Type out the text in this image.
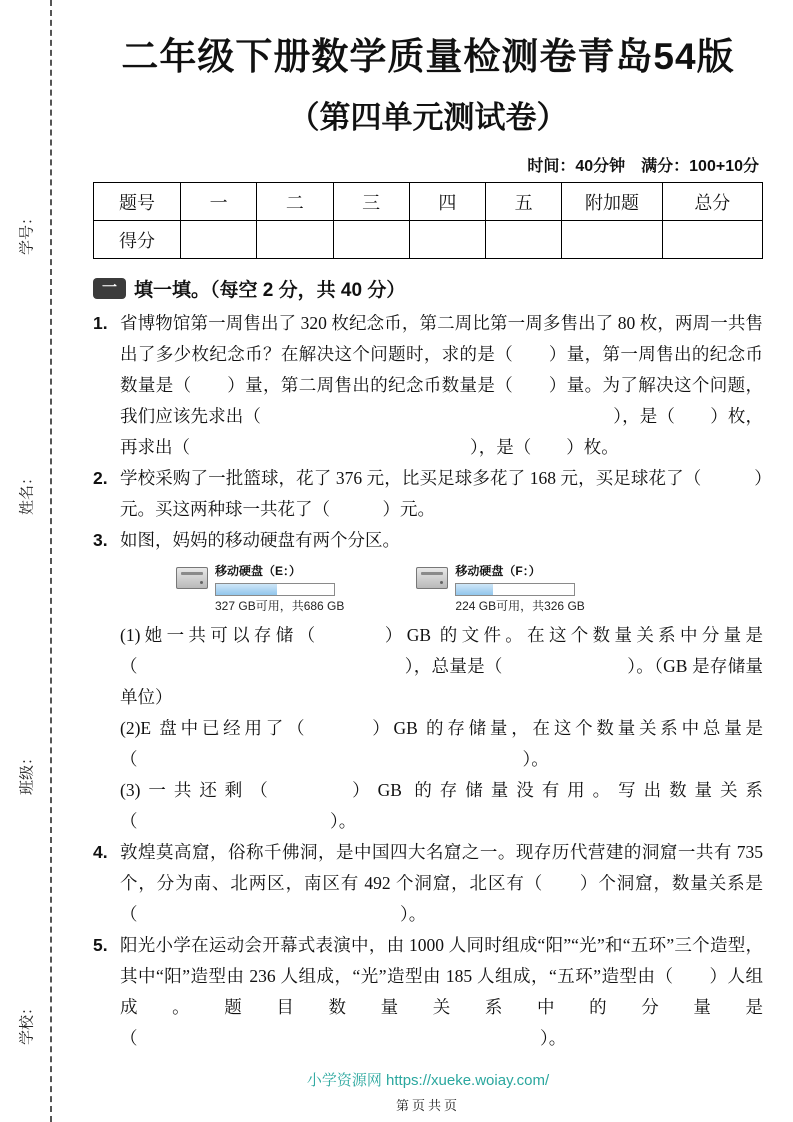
学号：
姓名：
班级：
学校：
二年级下册数学质量检测卷青岛54版
（第四单元测试卷）
时间：40分钟　满分：100+10分
题号	一	二	三	四	五	附加题	总分
得分							
一 填一填。（每空 2 分，共 40 分）
1. 省博物馆第一周售出了 320 枚纪念币，第二周比第一周多售出了 80 枚，两周一共售出了多少枚纪念币？在解决这个问题时，求的是（　　）量，第一周售出的纪念币数量是（　　）量，第二周售出的纪念币数量是（　　）量。为了解决这个问题，我们应该先求出（　　　　　　　　　　　　　　　　　　　　），是（　　）枚，再求出（　　　　　　　　　　　　　　　　），是（　　）枚。
2. 学校采购了一批篮球，花了 376 元，比买足球多花了 168 元，买足球花了（　　　）元。买这两种球一共花了（　　　）元。
3. 如图，妈妈的移动硬盘有两个分区。
移动硬盘（E：）
327 GB可用，共686 GB
移动硬盘（F：）
224 GB可用，共326 GB
(1)她一共可以存储（　　　）GB 的文件。在这个数量关系中分量是（　　　　　　　　　　　　　　　），总量是（　　　　　　　）。（GB 是存储量单位）
(2)E 盘中已经用了（　　　）GB 的存储量，在这个数量关系中总量是（　　　　　　　　　　　　　　　　　　　　　　）。
(3)一共还剩（　　　）GB 的存储量没有用。写出数量关系（　　　　　　　　　　　）。
4. 敦煌莫高窟，俗称千佛洞，是中国四大名窟之一。现存历代营建的洞窟一共有 735 个，分为南、北两区，南区有 492 个洞窟，北区有（　　）个洞窟，数量关系是（　　　　　　　　　　　　　　　）。
5. 阳光小学在运动会开幕式表演中，由 1000 人同时组成“阳”“光”和“五环”三个造型，其中“阳”造型由 236 人组成，“光”造型由 185 人组成，“五环”造型由（　　）人组成。题目数量关系中的分量是（　　　　　　　　　　　　　　　　　　　　　　　）。
小学资源网 https://xueke.woiay.com/
第页共页
